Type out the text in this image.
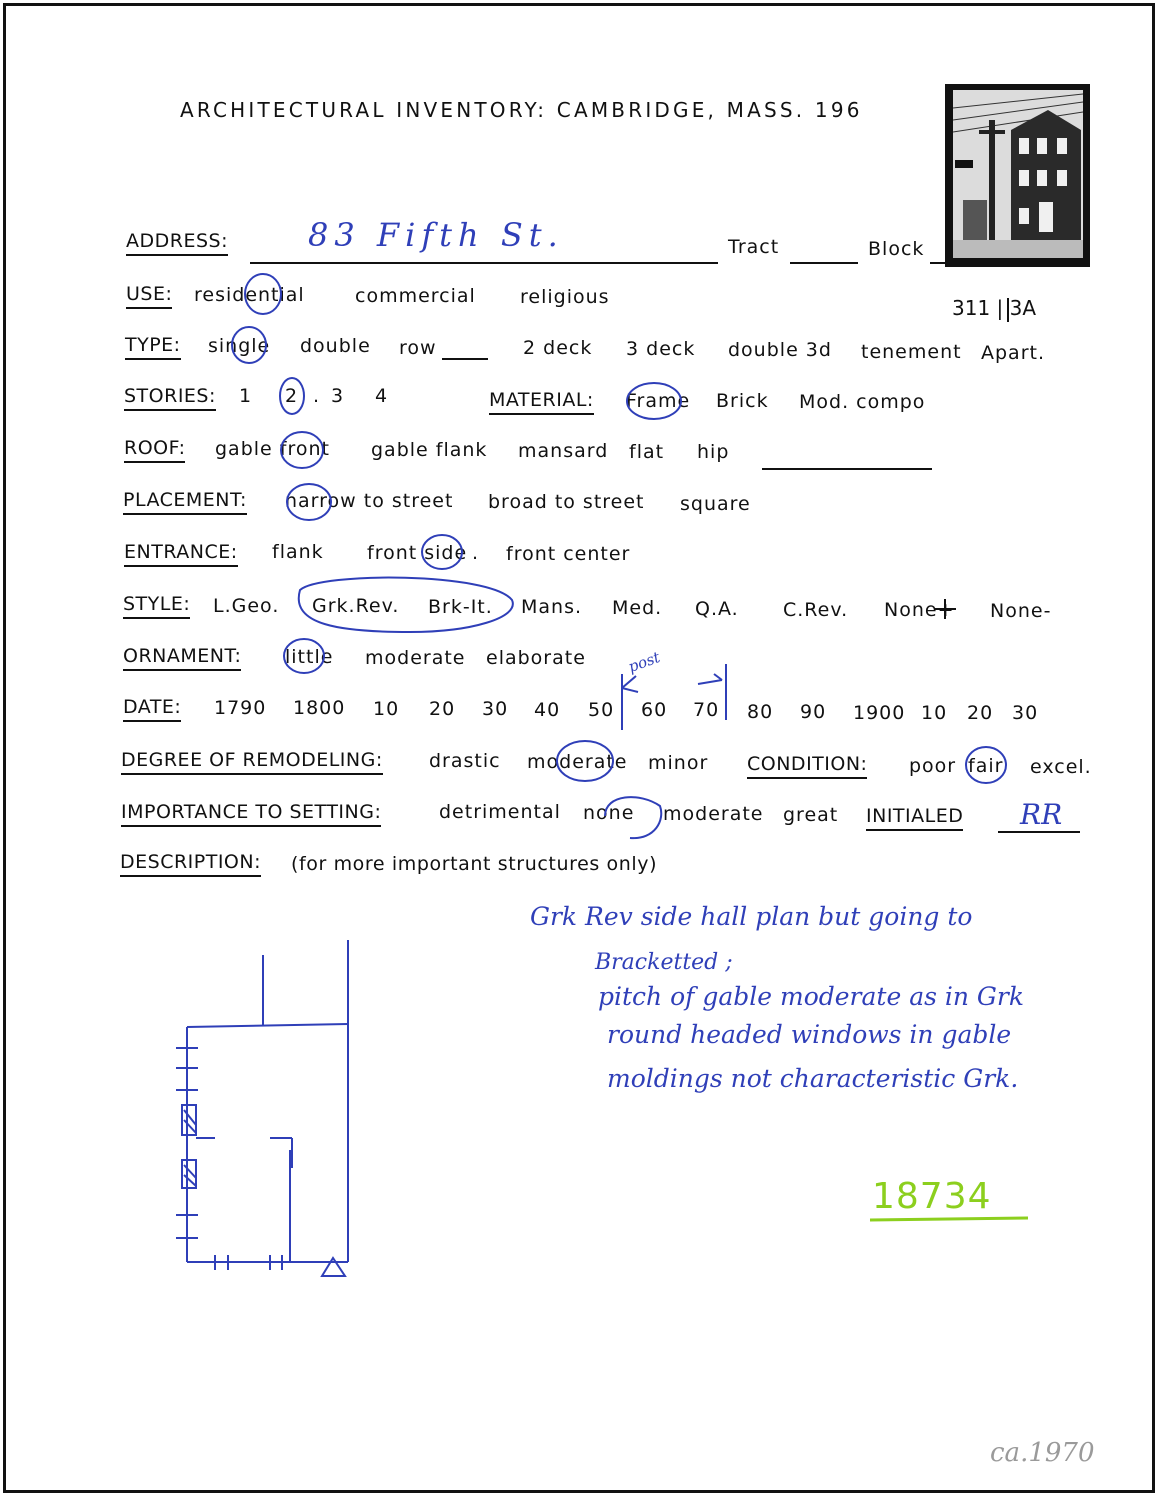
ARCHITECTURAL INVENTORY: CAMBRIDGE, MASS. 196
ADDRESS:	83 Fifth St.	Tract	Block
311 | 3A
USE: residential	commercial religious
TYPE: single double row	2 deck 3 deck double 3d tenement Apart.
STORIES: 1 2 . 3 4	MATERIAL: Frame Brick Mod. compo
ROOF: gable front gable flank mansard flat hip
PLACEMENT: narrow to street broad to street square
ENTRANCE: flank front side . front center
STYLE: L.Geo. Grk.Rev. Brk-It. Mans. Med. Q.A. C.Rev. None+ None-
ORNAMENT: little moderate elaborate
DATE: 1790 1800 10 20 30 40 50 60 70 80 90 1900 10 20 30
post
DEGREE OF REMODELING: drastic moderate minor CONDITION: poor fair excel.
IMPORTANCE TO SETTING:	detrimental none moderate great INITIALED RR
DESCRIPTION: (for more important structures only)
Grk Rev side hall plan but going to
Bracketted ;
pitch of gable moderate as in Grk
round headed windows in gable
moldings not characteristic Grk.
18734
ca.1970
